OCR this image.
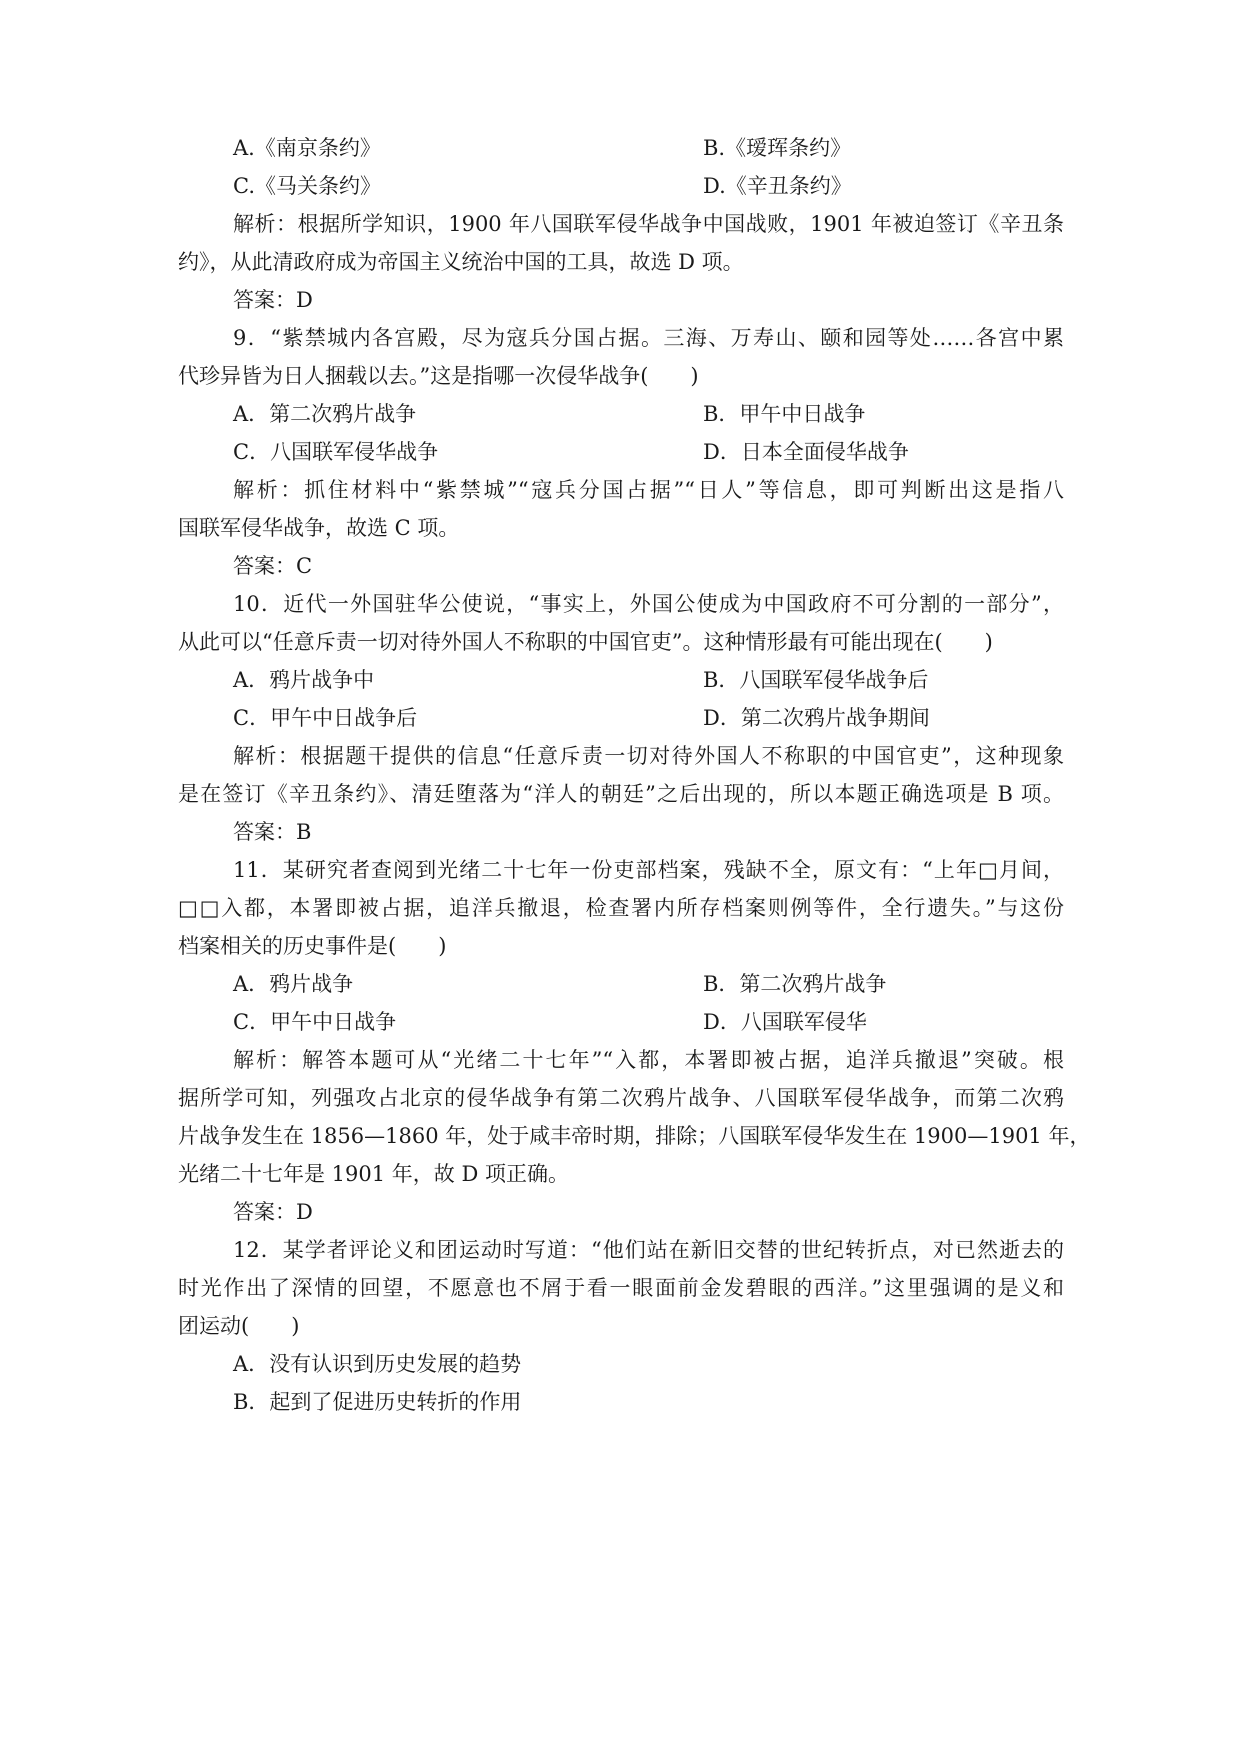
A.《南京条约》	B.《瑷珲条约》
C.《马关条约》	D.《辛丑条约》
解析：根据所学知识，1900 年八国联军侵华战争中国战败，1901 年被迫签订《辛丑条
约》，从此清政府成为帝国主义统治中国的工具，故选 D 项。
答案：D
9．“紫禁城内各宫殿，尽为寇兵分国占据。三海、万寿山、颐和园等处……各宫中累
代珍异皆为日人捆载以去。”这是指哪一次侵华战争(　　)
A．第二次鸦片战争	B．甲午中日战争
C．八国联军侵华战争	D．日本全面侵华战争
解析：抓住材料中“紫禁城”“寇兵分国占据”“日人”等信息，即可判断出这是指八
国联军侵华战争，故选 C 项。
答案：C
10．近代一外国驻华公使说，“事实上，外国公使成为中国政府不可分割的一部分”，
从此可以“任意斥责一切对待外国人不称职的中国官吏”。这种情形最有可能出现在(　　)
A．鸦片战争中	B．八国联军侵华战争后
C．甲午中日战争后	D．第二次鸦片战争期间
解析：根据题干提供的信息“任意斥责一切对待外国人不称职的中国官吏”，这种现象
是在签订《辛丑条约》、清廷堕落为“洋人的朝廷”之后出现的，所以本题正确选项是 B 项。
答案：B
11．某研究者查阅到光绪二十七年一份吏部档案，残缺不全，原文有：“上年□月间，
□□入都，本署即被占据，追洋兵撤退，检查署内所存档案则例等件，全行遗失。”与这份
档案相关的历史事件是(　　)
A．鸦片战争	B．第二次鸦片战争
C．甲午中日战争	D．八国联军侵华
解析：解答本题可从“光绪二十七年”“入都，本署即被占据，追洋兵撤退”突破。根
据所学可知，列强攻占北京的侵华战争有第二次鸦片战争、八国联军侵华战争，而第二次鸦
片战争发生在 1856—1860 年，处于咸丰帝时期，排除；八国联军侵华发生在 1900—1901 年，
光绪二十七年是 1901 年，故 D 项正确。
答案：D
12．某学者评论义和团运动时写道：“他们站在新旧交替的世纪转折点，对已然逝去的
时光作出了深情的回望，不愿意也不屑于看一眼面前金发碧眼的西洋。”这里强调的是义和
团运动(　　)
A．没有认识到历史发展的趋势
B．起到了促进历史转折的作用
